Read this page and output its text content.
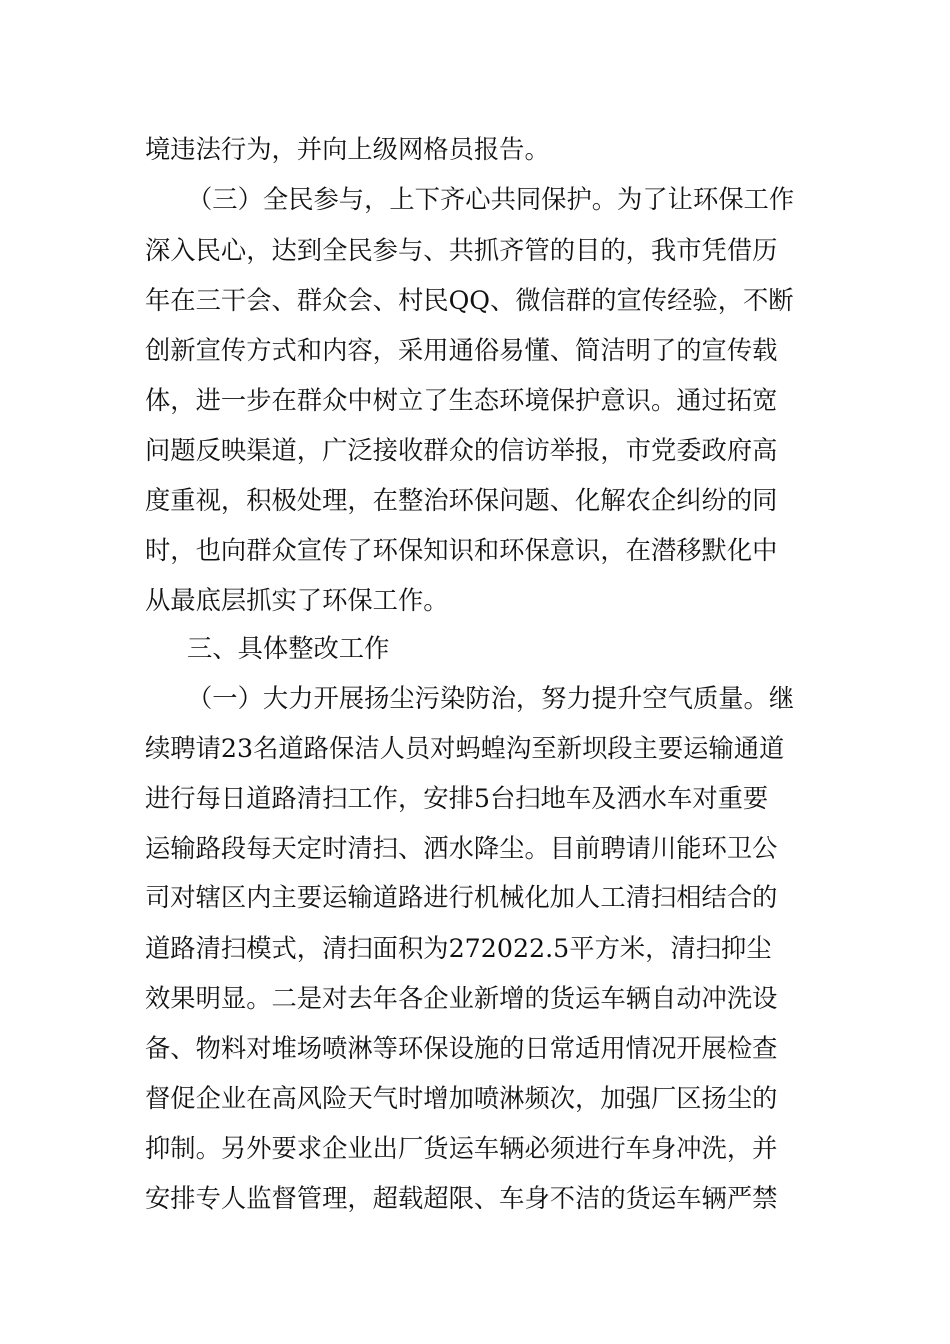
境违法行为，并向上级网格员报告。
（三）全民参与，上下齐心共同保护。为了让环保工作
深入民心，达到全民参与、共抓齐管的目的，我市凭借历
年在三干会、群众会、村民QQ、微信群的宣传经验，不断
创新宣传方式和内容，采用通俗易懂、简洁明了的宣传载
体，进一步在群众中树立了生态环境保护意识。通过拓宽
问题反映渠道，广泛接收群众的信访举报，市党委政府高
度重视，积极处理，在整治环保问题、化解农企纠纷的同
时，也向群众宣传了环保知识和环保意识，在潜移默化中
从最底层抓实了环保工作。
三、具体整改工作
（一）大力开展扬尘污染防治，努力提升空气质量。继
续聘请23名道路保洁人员对蚂蝗沟至新坝段主要运输通道
进行每日道路清扫工作，安排5台扫地车及洒水车对重要
运输路段每天定时清扫、洒水降尘。目前聘请川能环卫公
司对辖区内主要运输道路进行机械化加人工清扫相结合的
道路清扫模式，清扫面积为272022.5平方米，清扫抑尘
效果明显。二是对去年各企业新增的货运车辆自动冲洗设
备、物料对堆场喷淋等环保设施的日常适用情况开展检查
督促企业在高风险天气时增加喷淋频次，加强厂区扬尘的
抑制。另外要求企业出厂货运车辆必须进行车身冲洗，并
安排专人监督管理，超载超限、车身不洁的货运车辆严禁
